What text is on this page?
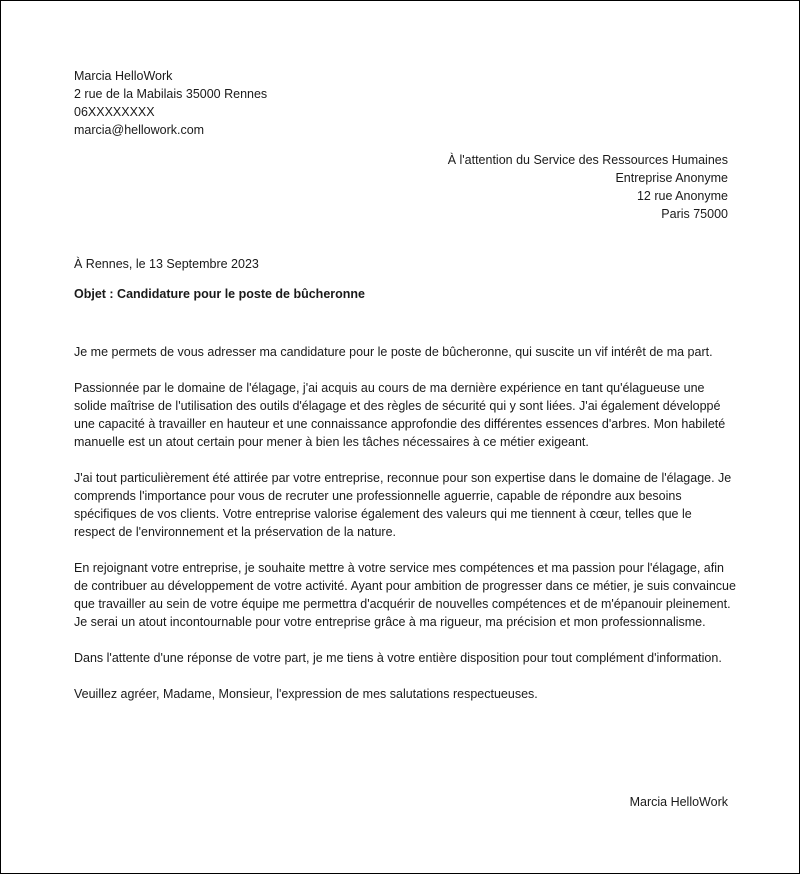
Marcia HelloWork
2 rue de la Mabilais 35000 Rennes
06XXXXXXXX
marcia@hellowork.com
À l'attention du Service des Ressources Humaines
Entreprise Anonyme
12 rue Anonyme
Paris 75000
À Rennes, le 13 Septembre 2023
Objet : Candidature pour le poste de bûcheronne

Je me permets de vous adresser ma candidature pour le poste de bûcheronne, qui suscite un vif intérêt de ma part.

Passionnée par le domaine de l'élagage, j'ai acquis au cours de ma dernière expérience en tant qu'élagueuse une solide maîtrise de l'utilisation des outils d'élagage et des règles de sécurité qui y sont liées. J'ai également développé une capacité à travailler en hauteur et une connaissance approfondie des différentes essences d'arbres. Mon habileté manuelle est un atout certain pour mener à bien les tâches nécessaires à ce métier exigeant.

J'ai tout particulièrement été attirée par votre entreprise, reconnue pour son expertise dans le domaine de l'élagage. Je comprends l'importance pour vous de recruter une professionnelle aguerrie, capable de répondre aux besoins spécifiques de vos clients. Votre entreprise valorise également des valeurs qui me tiennent à cœur, telles que le respect de l'environnement et la préservation de la nature.

En rejoignant votre entreprise, je souhaite mettre à votre service mes compétences et ma passion pour l'élagage, afin de contribuer au développement de votre activité. Ayant pour ambition de progresser dans ce métier, je suis convaincue que travailler au sein de votre équipe me permettra d'acquérir de nouvelles compétences et de m'épanouir pleinement. Je serai un atout incontournable pour votre entreprise grâce à ma rigueur, ma précision et mon professionnalisme.

Dans l'attente d'une réponse de votre part, je me tiens à votre entière disposition pour tout complément d'information.

Veuillez agréer, Madame, Monsieur, l'expression de mes salutations respectueuses.

Marcia HelloWork
